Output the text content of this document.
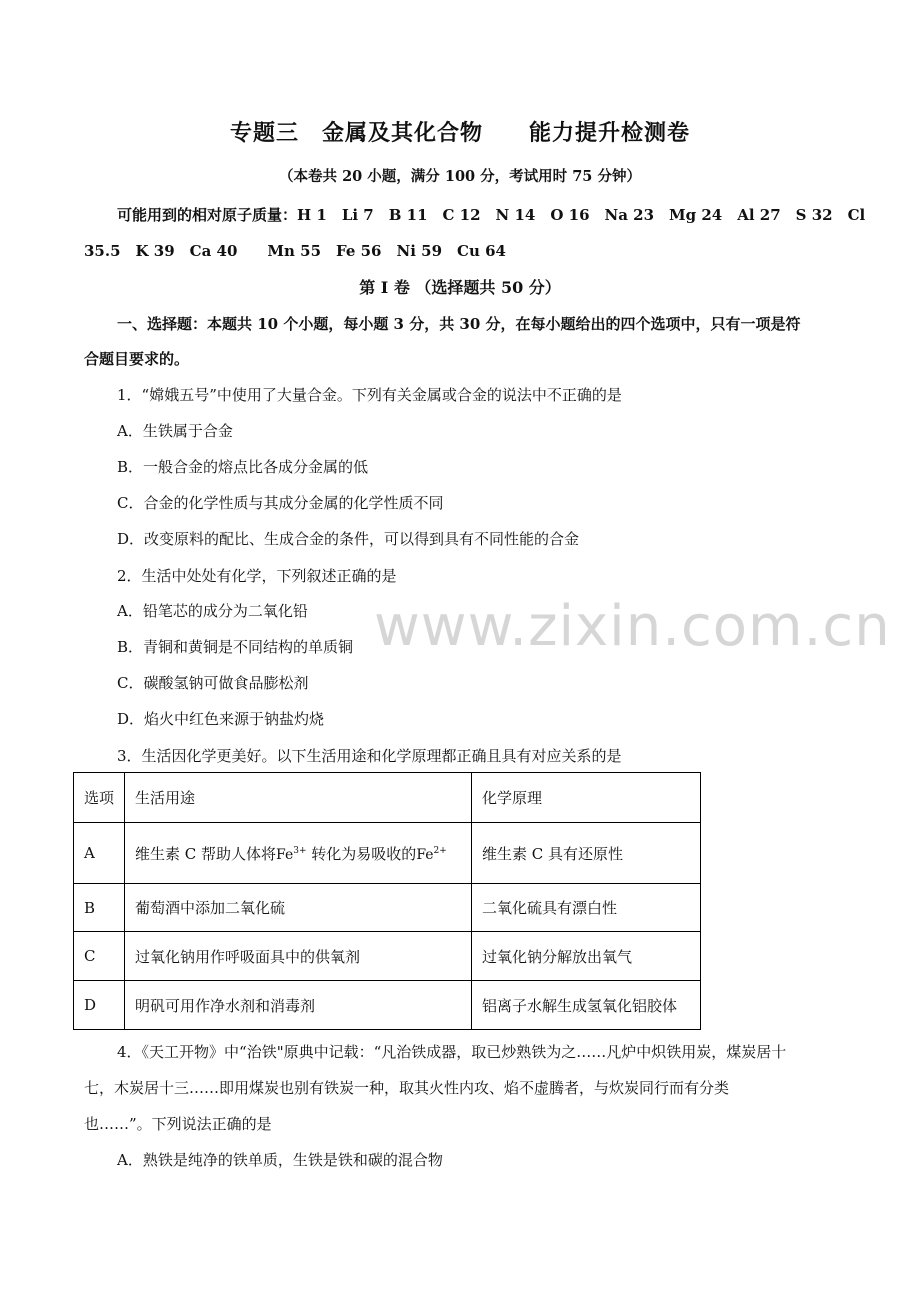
专题三　金属及其化合物　　能力提升检测卷
（本卷共 20 小题，满分 100 分，考试用时 75 分钟）
可能用到的相对原子质量：H 1　Li 7　B 11　C 12　N 14　O 16　Na 23　Mg 24　Al 27　S 32　Cl
35.5　K 39　Ca 40　　Mn 55　Fe 56　Ni 59　Cu 64
第 I 卷 （选择题共 50 分）
一、选择题：本题共 10 个小题，每小题 3 分，共 30 分，在每小题给出的四个选项中，只有一项是符
合题目要求的。
1．“嫦娥五号”中使用了大量合金。下列有关金属或合金的说法中不正确的是
A．生铁属于合金
B．一般合金的熔点比各成分金属的低
C．合金的化学性质与其成分金属的化学性质不同
D．改变原料的配比、生成合金的条件，可以得到具有不同性能的合金
2．生活中处处有化学，下列叙述正确的是
A．铅笔芯的成分为二氧化铅
B．青铜和黄铜是不同结构的单质铜
C．碳酸氢钠可做食品膨松剂
D．焰火中红色来源于钠盐灼烧
www.zixin.com.cn
3．生活因化学更美好。以下生活用途和化学原理都正确且具有对应关系的是
选项	生活用途	化学原理
A	维生素 C 帮助人体将$Fe^{3+}$ 转化为易吸收的$Fe^{2+}$	维生素 C 具有还原性
B	葡萄酒中添加二氧化硫	二氧化硫具有漂白性
C	过氧化钠用作呼吸面具中的供氧剂	过氧化钠分解放出氧气
D	明矾可用作净水剂和消毒剂	铝离子水解生成氢氧化铝胶体
4．《天工开物》中“治铁"原典中记载：“凡治铁成器，取已炒熟铁为之……凡炉中炽铁用炭，煤炭居十
七，木炭居十三……即用煤炭也别有铁炭一种，取其火性内攻、焰不虚腾者，与炊炭同行而有分类
也……”。下列说法正确的是
A．熟铁是纯净的铁单质，生铁是铁和碳的混合物
